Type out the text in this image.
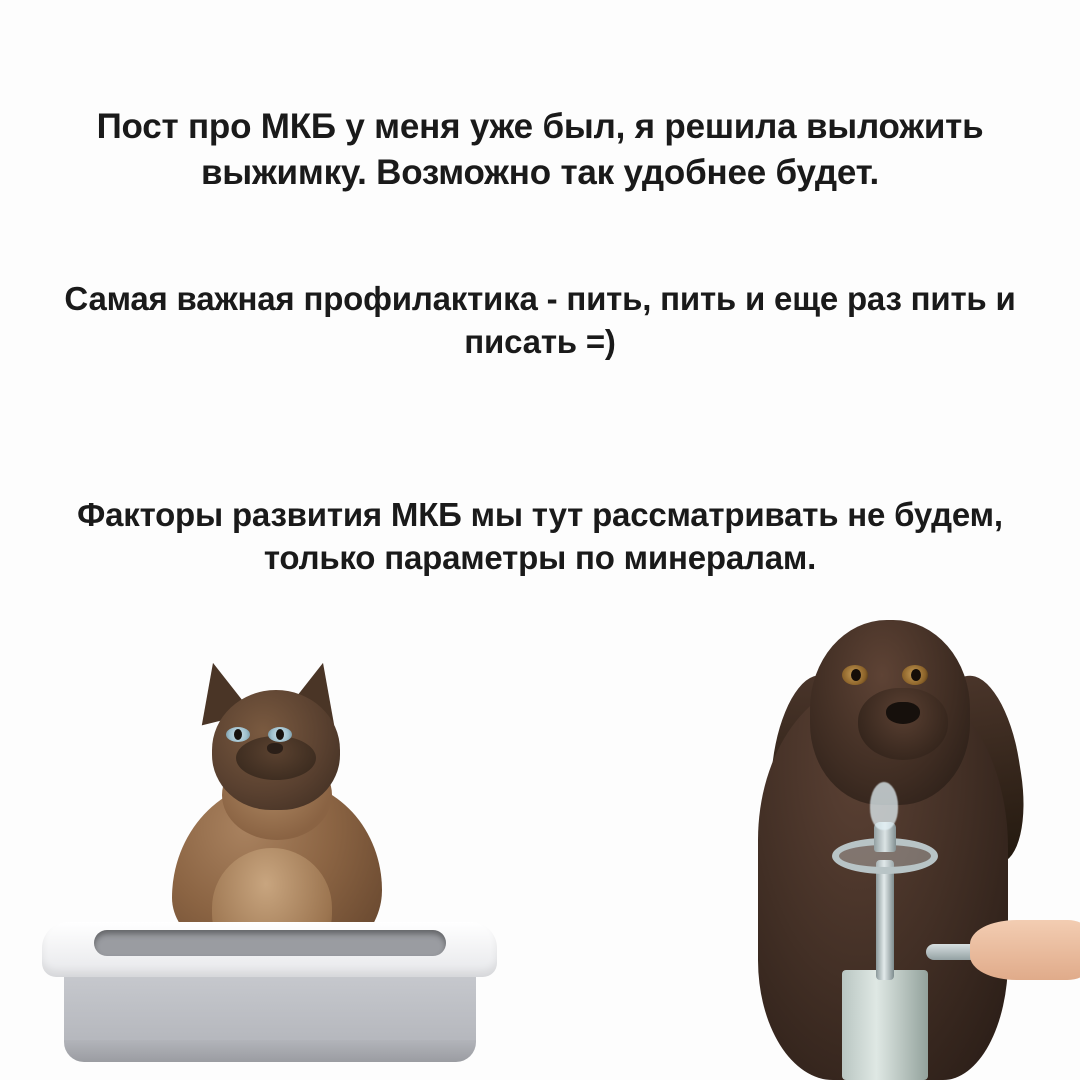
Пост про МКБ у меня уже был, я решила выложить выжимку. Возможно так удобнее будет.
Самая важная профилактика - пить, пить и еще раз пить и писать =)
Факторы развития МКБ мы тут рассматривать не будем, только параметры по минералам.
